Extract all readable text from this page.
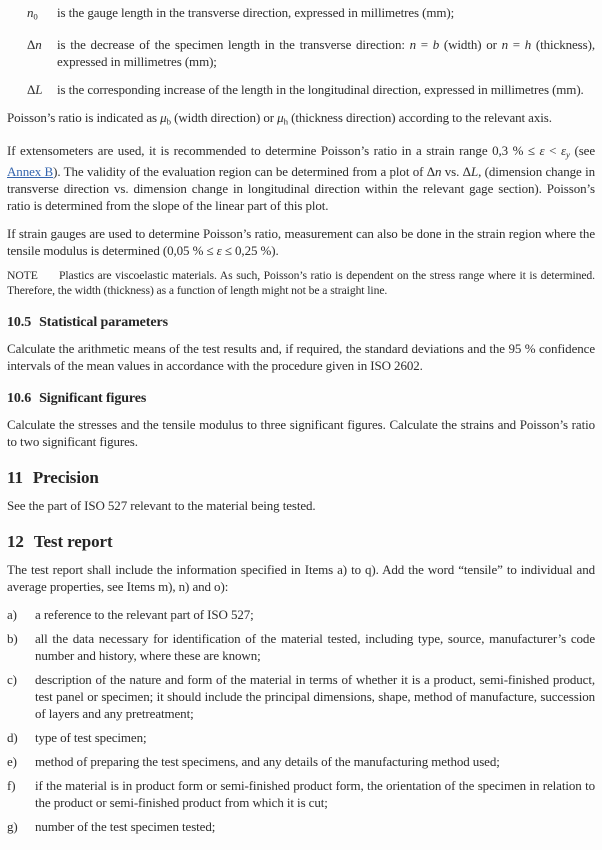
n0	is the gauge length in the transverse direction, expressed in millimetres (mm);
Δn	is the decrease of the specimen length in the transverse direction: n = b (width) or n = h (thickness), expressed in millimetres (mm);
ΔL	is the corresponding increase of the length in the longitudinal direction, expressed in millimetres (mm).

Poisson’s ratio is indicated as μb (width direction) or μh (thickness direction) according to the relevant axis.

If extensometers are used, it is recommended to determine Poisson’s ratio in a strain range 0,3 % ≤ ε < εy (see Annex B). The validity of the evaluation region can be determined from a plot of Δn vs. ΔL, (dimension change in transverse direction vs. dimension change in longitudinal direction within the relevant gage section). Poisson’s ratio is determined from the slope of the linear part of this plot.

If strain gauges are used to determine Poisson’s ratio, measurement can also be done in the strain region where the tensile modulus is determined (0,05 % ≤ ε ≤ 0,25 %).

NOTE Plastics are viscoelastic materials. As such, Poisson’s ratio is dependent on the stress range where it is determined. Therefore, the width (thickness) as a function of length might not be a straight line.

10.5 Statistical parameters

Calculate the arithmetic means of the test results and, if required, the standard deviations and the 95 % confidence intervals of the mean values in accordance with the procedure given in ISO 2602.

10.6 Significant figures

Calculate the stresses and the tensile modulus to three significant figures. Calculate the strains and Poisson’s ratio to two significant figures.

11 Precision

See the part of ISO 527 relevant to the material being tested.

12 Test report

The test report shall include the information specified in Items a) to q). Add the word “tensile” to individual and average properties, see Items m), n) and o):

a)	a reference to the relevant part of ISO 527;
b)	all the data necessary for identification of the material tested, including type, source, manufacturer’s code number and history, where these are known;
c)	description of the nature and form of the material in terms of whether it is a product, semi-finished product, test panel or specimen; it should include the principal dimensions, shape, method of manufacture, succession of layers and any pretreatment;
d)	type of test specimen;
e)	method of preparing the test specimens, and any details of the manufacturing method used;
f)	if the material is in product form or semi-finished product form, the orientation of the specimen in relation to the product or semi-finished product from which it is cut;
g)	number of the test specimen tested;
